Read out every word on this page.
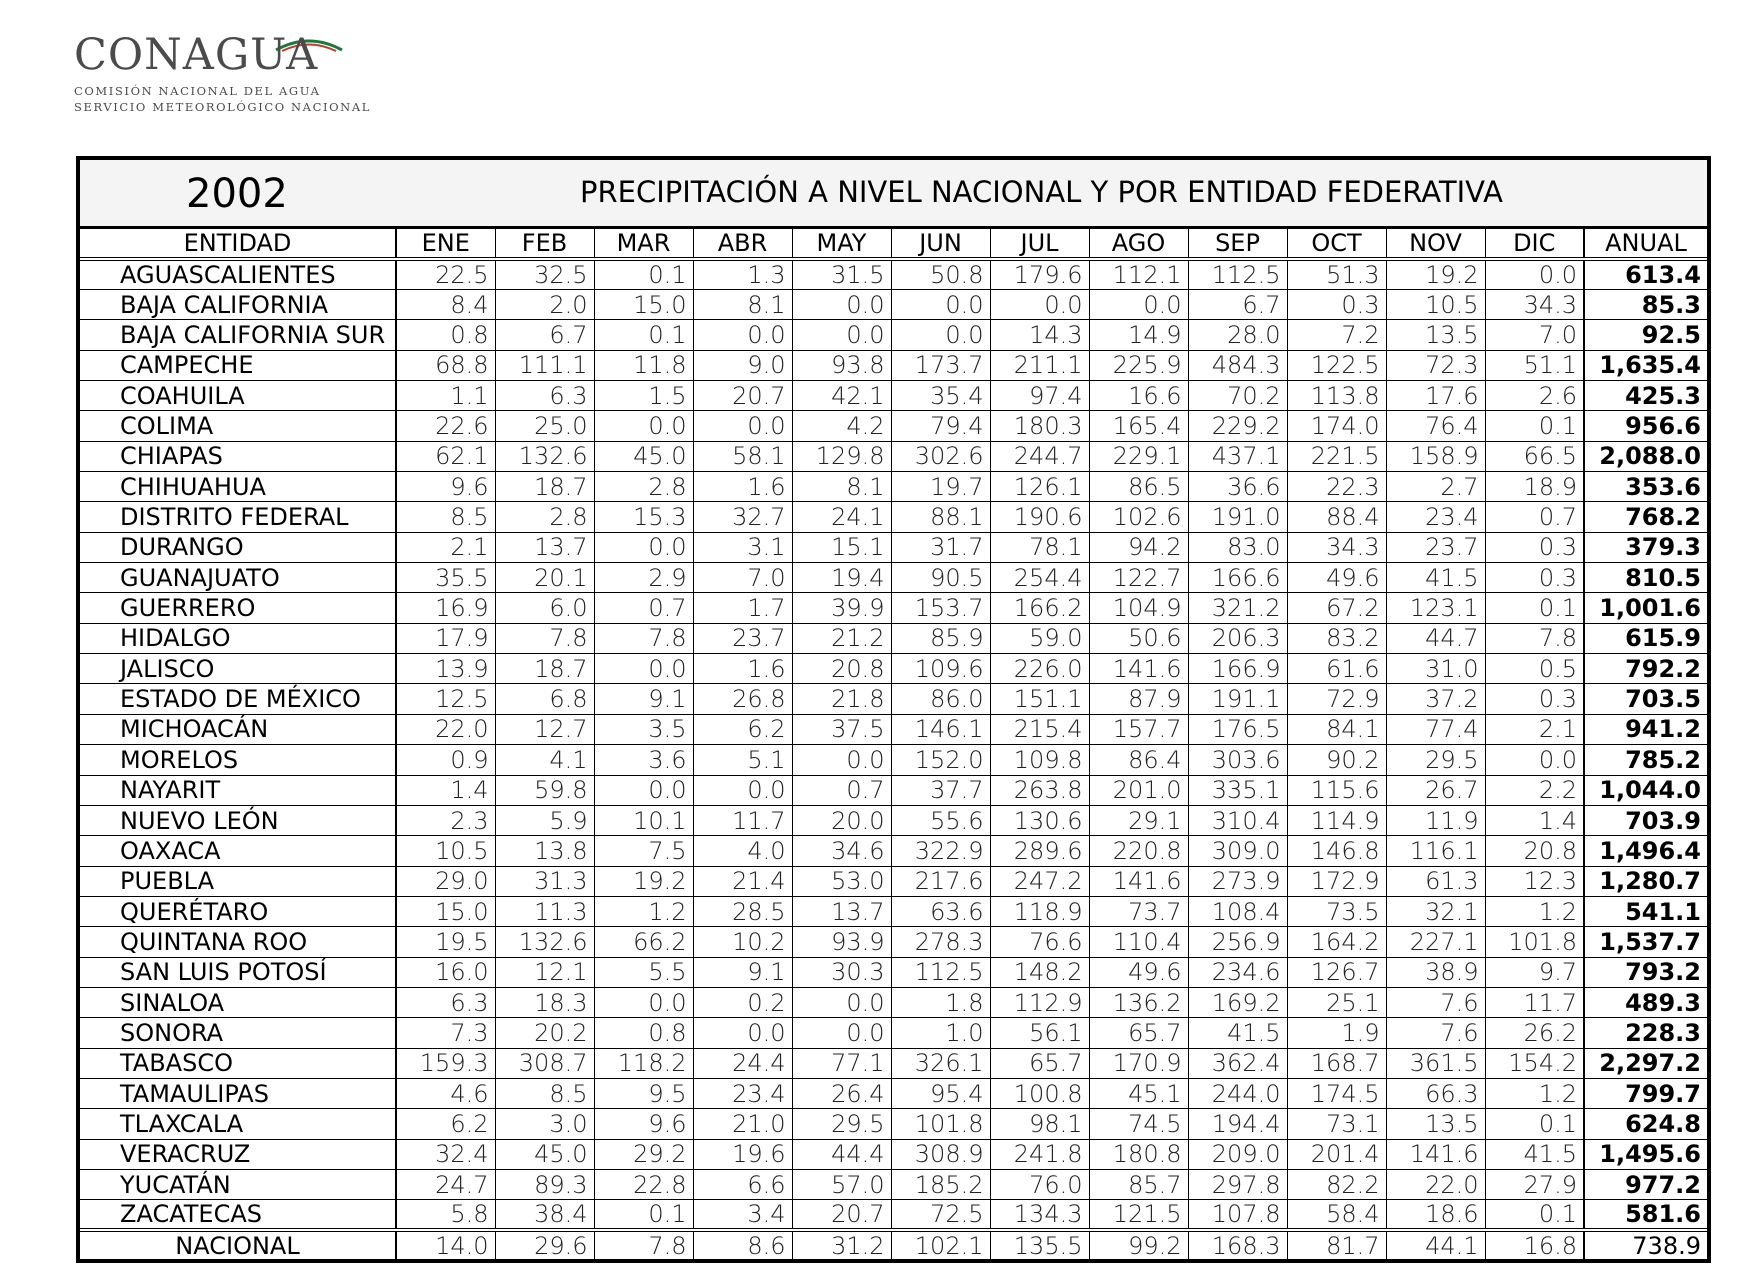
CONAGUA
COMISIÓN NACIONAL DEL AGUA
SERVICIO METEOROLÓGICO NACIONAL
2002	PRECIPITACIÓN A NIVEL NACIONAL Y POR ENTIDAD FEDERATIVA
ENTIDAD	ENE	FEB	MAR	ABR	MAY	JUN	JUL	AGO	SEP	OCT	NOV	DIC	ANUAL
AGUASCALIENTES	22.5	32.5	0.1	1.3	31.5	50.8	179.6	112.1	112.5	51.3	19.2	0.0	613.4
BAJA CALIFORNIA	8.4	2.0	15.0	8.1	0.0	0.0	0.0	0.0	6.7	0.3	10.5	34.3	85.3
BAJA CALIFORNIA SUR	0.8	6.7	0.1	0.0	0.0	0.0	14.3	14.9	28.0	7.2	13.5	7.0	92.5
CAMPECHE	68.8	111.1	11.8	9.0	93.8	173.7	211.1	225.9	484.3	122.5	72.3	51.1	1,635.4
COAHUILA	1.1	6.3	1.5	20.7	42.1	35.4	97.4	16.6	70.2	113.8	17.6	2.6	425.3
COLIMA	22.6	25.0	0.0	0.0	4.2	79.4	180.3	165.4	229.2	174.0	76.4	0.1	956.6
CHIAPAS	62.1	132.6	45.0	58.1	129.8	302.6	244.7	229.1	437.1	221.5	158.9	66.5	2,088.0
CHIHUAHUA	9.6	18.7	2.8	1.6	8.1	19.7	126.1	86.5	36.6	22.3	2.7	18.9	353.6
DISTRITO FEDERAL	8.5	2.8	15.3	32.7	24.1	88.1	190.6	102.6	191.0	88.4	23.4	0.7	768.2
DURANGO	2.1	13.7	0.0	3.1	15.1	31.7	78.1	94.2	83.0	34.3	23.7	0.3	379.3
GUANAJUATO	35.5	20.1	2.9	7.0	19.4	90.5	254.4	122.7	166.6	49.6	41.5	0.3	810.5
GUERRERO	16.9	6.0	0.7	1.7	39.9	153.7	166.2	104.9	321.2	67.2	123.1	0.1	1,001.6
HIDALGO	17.9	7.8	7.8	23.7	21.2	85.9	59.0	50.6	206.3	83.2	44.7	7.8	615.9
JALISCO	13.9	18.7	0.0	1.6	20.8	109.6	226.0	141.6	166.9	61.6	31.0	0.5	792.2
ESTADO DE MÉXICO	12.5	6.8	9.1	26.8	21.8	86.0	151.1	87.9	191.1	72.9	37.2	0.3	703.5
MICHOACÁN	22.0	12.7	3.5	6.2	37.5	146.1	215.4	157.7	176.5	84.1	77.4	2.1	941.2
MORELOS	0.9	4.1	3.6	5.1	0.0	152.0	109.8	86.4	303.6	90.2	29.5	0.0	785.2
NAYARIT	1.4	59.8	0.0	0.0	0.7	37.7	263.8	201.0	335.1	115.6	26.7	2.2	1,044.0
NUEVO LEÓN	2.3	5.9	10.1	11.7	20.0	55.6	130.6	29.1	310.4	114.9	11.9	1.4	703.9
OAXACA	10.5	13.8	7.5	4.0	34.6	322.9	289.6	220.8	309.0	146.8	116.1	20.8	1,496.4
PUEBLA	29.0	31.3	19.2	21.4	53.0	217.6	247.2	141.6	273.9	172.9	61.3	12.3	1,280.7
QUERÉTARO	15.0	11.3	1.2	28.5	13.7	63.6	118.9	73.7	108.4	73.5	32.1	1.2	541.1
QUINTANA ROO	19.5	132.6	66.2	10.2	93.9	278.3	76.6	110.4	256.9	164.2	227.1	101.8	1,537.7
SAN LUIS POTOSÍ	16.0	12.1	5.5	9.1	30.3	112.5	148.2	49.6	234.6	126.7	38.9	9.7	793.2
SINALOA	6.3	18.3	0.0	0.2	0.0	1.8	112.9	136.2	169.2	25.1	7.6	11.7	489.3
SONORA	7.3	20.2	0.8	0.0	0.0	1.0	56.1	65.7	41.5	1.9	7.6	26.2	228.3
TABASCO	159.3	308.7	118.2	24.4	77.1	326.1	65.7	170.9	362.4	168.7	361.5	154.2	2,297.2
TAMAULIPAS	4.6	8.5	9.5	23.4	26.4	95.4	100.8	45.1	244.0	174.5	66.3	1.2	799.7
TLAXCALA	6.2	3.0	9.6	21.0	29.5	101.8	98.1	74.5	194.4	73.1	13.5	0.1	624.8
VERACRUZ	32.4	45.0	29.2	19.6	44.4	308.9	241.8	180.8	209.0	201.4	141.6	41.5	1,495.6
YUCATÁN	24.7	89.3	22.8	6.6	57.0	185.2	76.0	85.7	297.8	82.2	22.0	27.9	977.2
ZACATECAS	5.8	38.4	0.1	3.4	20.7	72.5	134.3	121.5	107.8	58.4	18.6	0.1	581.6
NACIONAL	14.0	29.6	7.8	8.6	31.2	102.1	135.5	99.2	168.3	81.7	44.1	16.8	738.9
